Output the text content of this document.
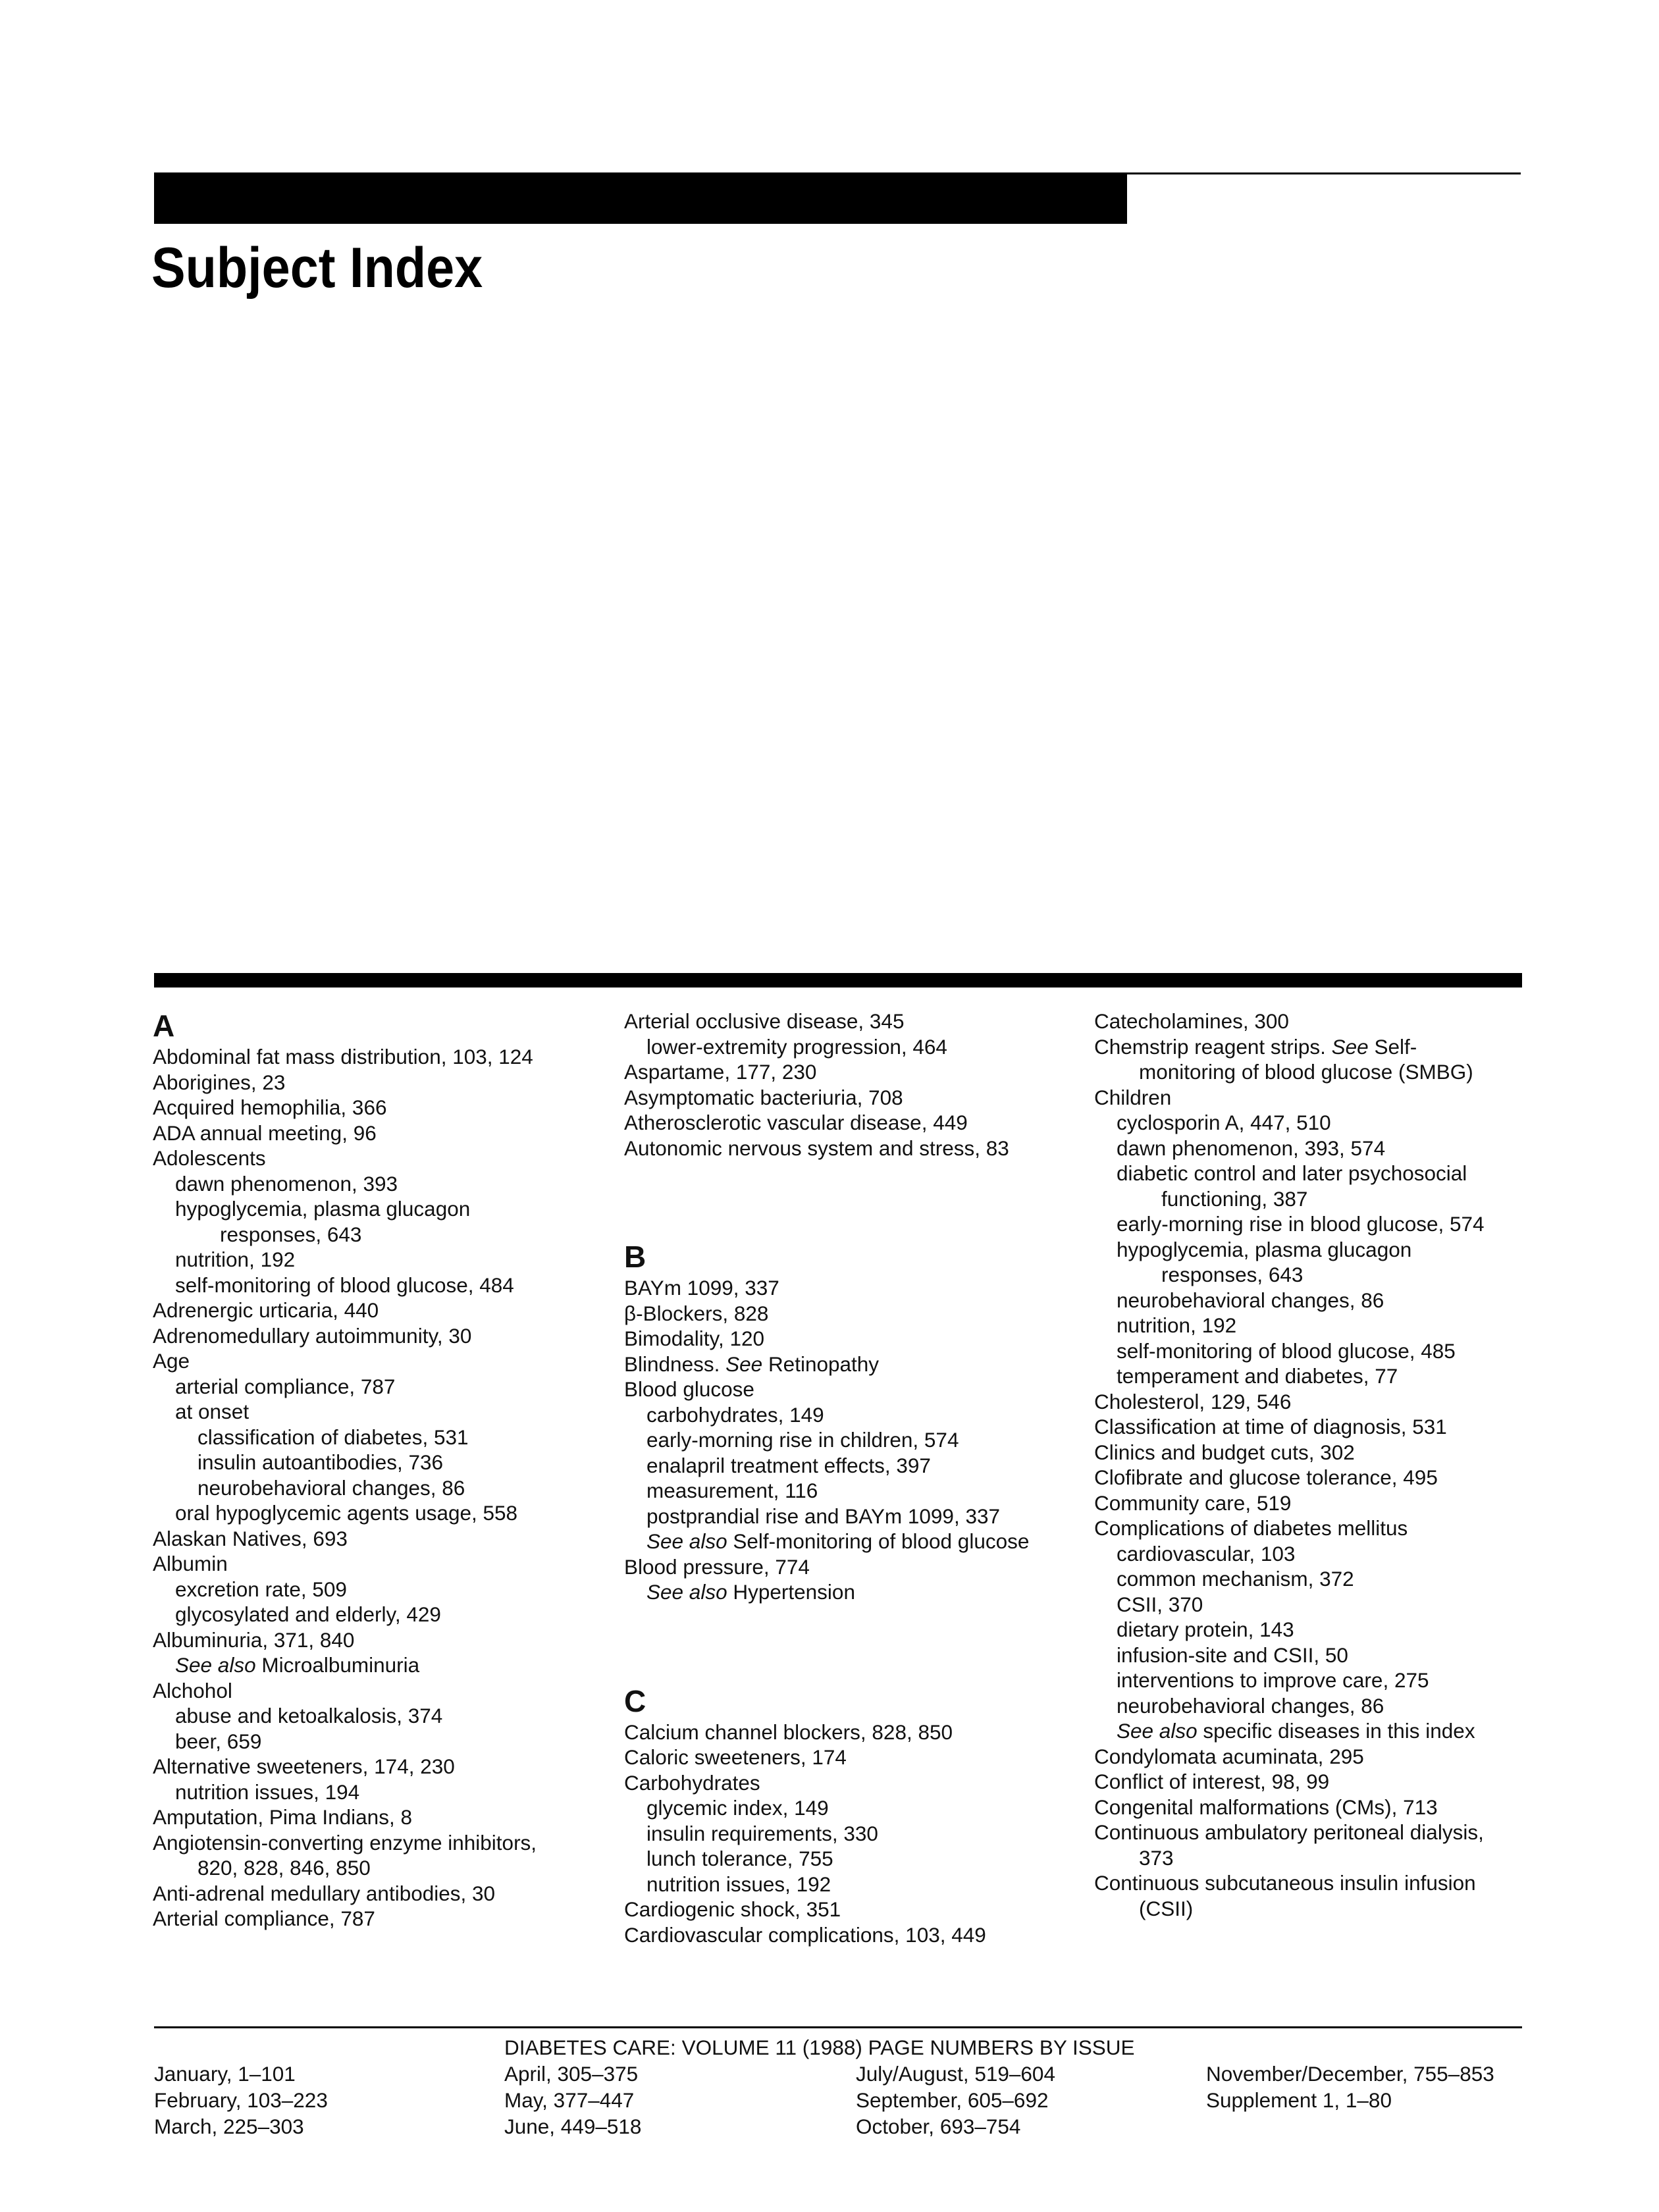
Subject Index
A
Abdominal fat mass distribution, 103, 124
Aborigines, 23
Acquired hemophilia, 366
ADA annual meeting, 96
Adolescents
dawn phenomenon, 393
hypoglycemia, plasma glucagon
responses, 643
nutrition, 192
self-monitoring of blood glucose, 484
Adrenergic urticaria, 440
Adrenomedullary autoimmunity, 30
Age
arterial compliance, 787
at onset
classification of diabetes, 531
insulin autoantibodies, 736
neurobehavioral changes, 86
oral hypoglycemic agents usage, 558
Alaskan Natives, 693
Albumin
excretion rate, 509
glycosylated and elderly, 429
Albuminuria, 371, 840
See also Microalbuminuria
Alchohol
abuse and ketoalkalosis, 374
beer, 659
Alternative sweeteners, 174, 230
nutrition issues, 194
Amputation, Pima Indians, 8
Angiotensin-converting enzyme inhibitors,
820, 828, 846, 850
Anti-adrenal medullary antibodies, 30
Arterial compliance, 787
Arterial occlusive disease, 345
lower-extremity progression, 464
Aspartame, 177, 230
Asymptomatic bacteriuria, 708
Atherosclerotic vascular disease, 449
Autonomic nervous system and stress, 83
B
BAYm 1099, 337
β-Blockers, 828
Bimodality, 120
Blindness. See Retinopathy
Blood glucose
carbohydrates, 149
early-morning rise in children, 574
enalapril treatment effects, 397
measurement, 116
postprandial rise and BAYm 1099, 337
See also Self-monitoring of blood glucose
Blood pressure, 774
See also Hypertension
C
Calcium channel blockers, 828, 850
Caloric sweeteners, 174
Carbohydrates
glycemic index, 149
insulin requirements, 330
lunch tolerance, 755
nutrition issues, 192
Cardiogenic shock, 351
Cardiovascular complications, 103, 449
Catecholamines, 300
Chemstrip reagent strips. See Self-
monitoring of blood glucose (SMBG)
Children
cyclosporin A, 447, 510
dawn phenomenon, 393, 574
diabetic control and later psychosocial
functioning, 387
early-morning rise in blood glucose, 574
hypoglycemia, plasma glucagon
responses, 643
neurobehavioral changes, 86
nutrition, 192
self-monitoring of blood glucose, 485
temperament and diabetes, 77
Cholesterol, 129, 546
Classification at time of diagnosis, 531
Clinics and budget cuts, 302
Clofibrate and glucose tolerance, 495
Community care, 519
Complications of diabetes mellitus
cardiovascular, 103
common mechanism, 372
CSII, 370
dietary protein, 143
infusion-site and CSII, 50
interventions to improve care, 275
neurobehavioral changes, 86
See also specific diseases in this index
Condylomata acuminata, 295
Conflict of interest, 98, 99
Congenital malformations (CMs), 713
Continuous ambulatory peritoneal dialysis,
373
Continuous subcutaneous insulin infusion
(CSII)
DIABETES CARE: VOLUME 11 (1988) PAGE NUMBERS BY ISSUE
January, 1–101
February, 103–223
March, 225–303
April, 305–375
May, 377–447
June, 449–518
July/August, 519–604
September, 605–692
October, 693–754
November/December, 755–853
Supplement 1, 1–80
